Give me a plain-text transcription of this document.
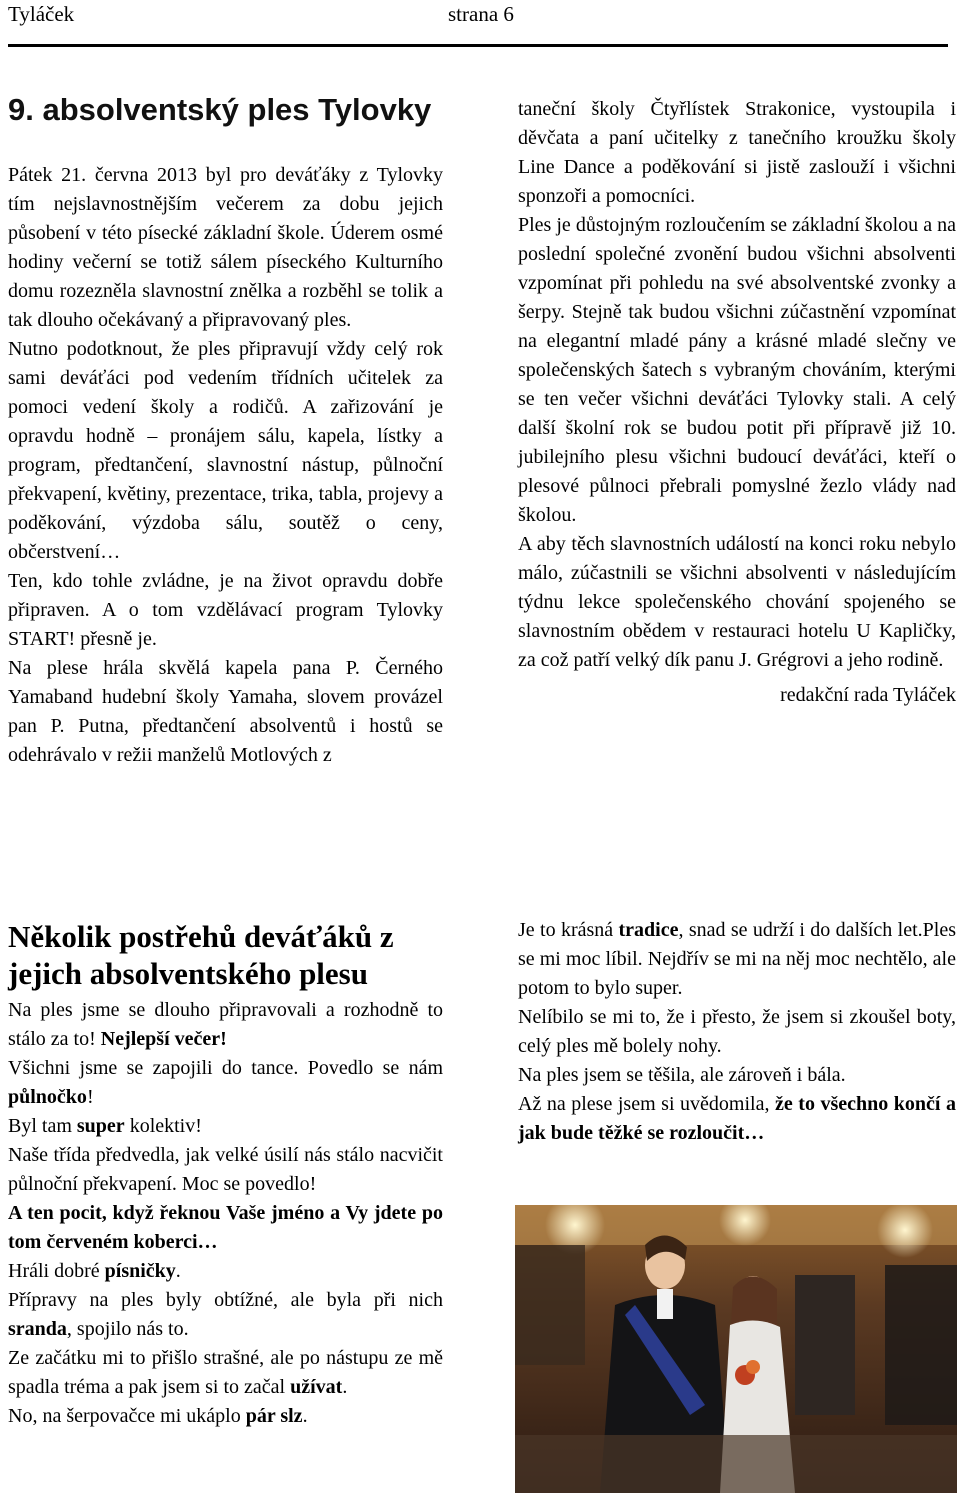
Tyláček	strana 6
9. absolventský ples Tylovky

Pátek 21. června 2013 byl pro deváťáky z Tylovky tím nejslavnostnějším večerem za dobu jejich působení v této písecké základní škole. Úderem osmé hodiny večerní se totiž sálem píseckého Kulturního domu rozezněla slavnostní znělka a rozběhl se tolik a tak dlouho očekávaný a připravovaný ples.

Nutno podotknout, že ples připravují vždy celý rok sami deváťáci pod vedením třídních učitelek za pomoci vedení školy a rodičů. A zařizování je opravdu hodně – pronájem sálu, kapela, lístky a program, předtančení, slavnostní nástup, půlnoční překvapení, květiny, prezentace, trika, tabla, projevy a poděkování, výzdoba sálu, soutěž o ceny, občerstvení…

Ten, kdo tohle zvládne, je na život opravdu dobře připraven. A o tom vzdělávací program Tylovky START! přesně je.

Na plese hrála skvělá kapela pana P. Černého Yamaband hudební školy Yamaha, slovem provázel pan P. Putna, předtančení absolventů i hostů se odehrávalo v režii manželů Motlových z

taneční školy Čtyřlístek Strakonice, vystoupila i děvčata a paní učitelky z tanečního kroužku školy Line Dance a poděkování si jistě zaslouží i všichni sponzoři a pomocníci.

Ples je důstojným rozloučením se základní školou a na poslední společné zvonění budou všichni absolventi vzpomínat při pohledu na své absolventské zvonky a šerpy. Stejně tak budou všichni zúčastnění vzpomínat na elegantní mladé pány a krásné mladé slečny ve společenských šatech s vybraným chováním, kterými se ten večer všichni deváťáci Tylovky stali. A celý další školní rok se budou potit při přípravě již 10. jubilejního plesu všichni budoucí deváťáci, kteří o plesové půlnoci přebrali pomyslné žezlo vlády nad školou.

A aby těch slavnostních událostí na konci roku nebylo málo, zúčastnili se všichni absolventi v následujícím týdnu lekce společenského chování spojeného se slavnostním obědem v restauraci hotelu U Kapličky, za což patří velký dík panu J. Grégrovi a jeho rodině.

redakční rada Tyláček

Několik postřehů deváťáků z jejich absolventského plesu

Na ples jsme se dlouho připravovali a rozhodně to stálo za to! Nejlepší večer!

Všichni jsme se zapojili do tance. Povedlo se nám půlnočko!

Byl tam super kolektiv!

Naše třída předvedla, jak velké úsilí nás stálo nacvičit půlnoční překvapení. Moc se povedlo!

A ten pocit, když řeknou Vaše jméno a Vy jdete po tom červeném koberci…

Hráli dobré písničky.

Přípravy na ples byly obtížné, ale byla při nich sranda, spojilo nás to.

Ze začátku mi to přišlo strašné, ale po nástupu ze mě spadla tréma a pak jsem si to začal užívat.

No, na šerpovačce mi ukáplo pár slz.

Je to krásná tradice, snad se udrží i do dalších let.Ples se mi moc líbil. Nejdřív se mi na něj moc nechtělo, ale potom to bylo super.

Nelíbilo se mi to, že i přesto, že jsem si zkoušel boty, celý ples mě bolely nohy.

Na ples jsem se těšila, ale zároveň i bála.

Až na plese jsem si uvědomila, že to všechno končí a jak bude těžké se rozloučit…
